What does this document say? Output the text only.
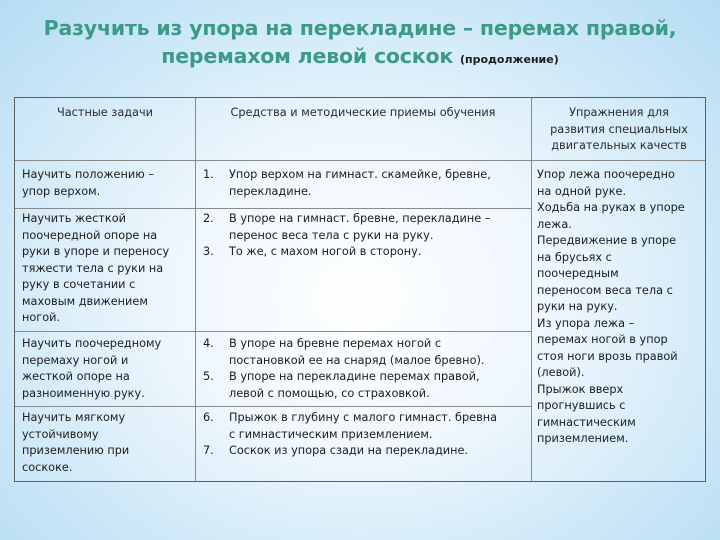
Разучить из упора на перекладине – перемах правой,
перемахом левой соскок (продолжение)
Частные задачи	Средства и методические приемы обучения	Упражнения для
развития специальных
двигательных качеств
Научить положению –
упор верхом.
Научить жесткой
поочередной опоре на
руки в упоре и переносу
тяжести тела с руки на
руку в сочетании с
маховым движением
ногой.
Научить поочередному
перемаху ногой и
жесткой опоре на
разноименную руку.
Научить мягкому
устойчивому
приземлению при
соскоке.
1. Упор верхом на гимнаст. скамейке, бревне,
перекладине.
2. В упоре на гимнаст. бревне, перекладине –
перенос веса тела с руки на руку.
3. То же, с махом ногой в сторону.
4. В упоре на бревне перемах ногой с
постановкой ее на снаряд (малое бревно).
5. В упоре на перекладине перемах правой,
левой с помощью, со страховкой.
6. Прыжок в глубину с малого гимнаст. бревна
с гимнастическим приземлением.
7. Соскок из упора сзади на перекладине.
Упор лежа поочередно
на одной руке.
Ходьба на руках в упоре
лежа.
Передвижение в упоре
на брусьях с
поочередным
переносом веса тела с
руки на руку.
Из упора лежа –
перемах ногой в упор
стоя ноги врозь правой
(левой).
Прыжок вверх
прогнувшись с
гимнастическим
приземлением.
